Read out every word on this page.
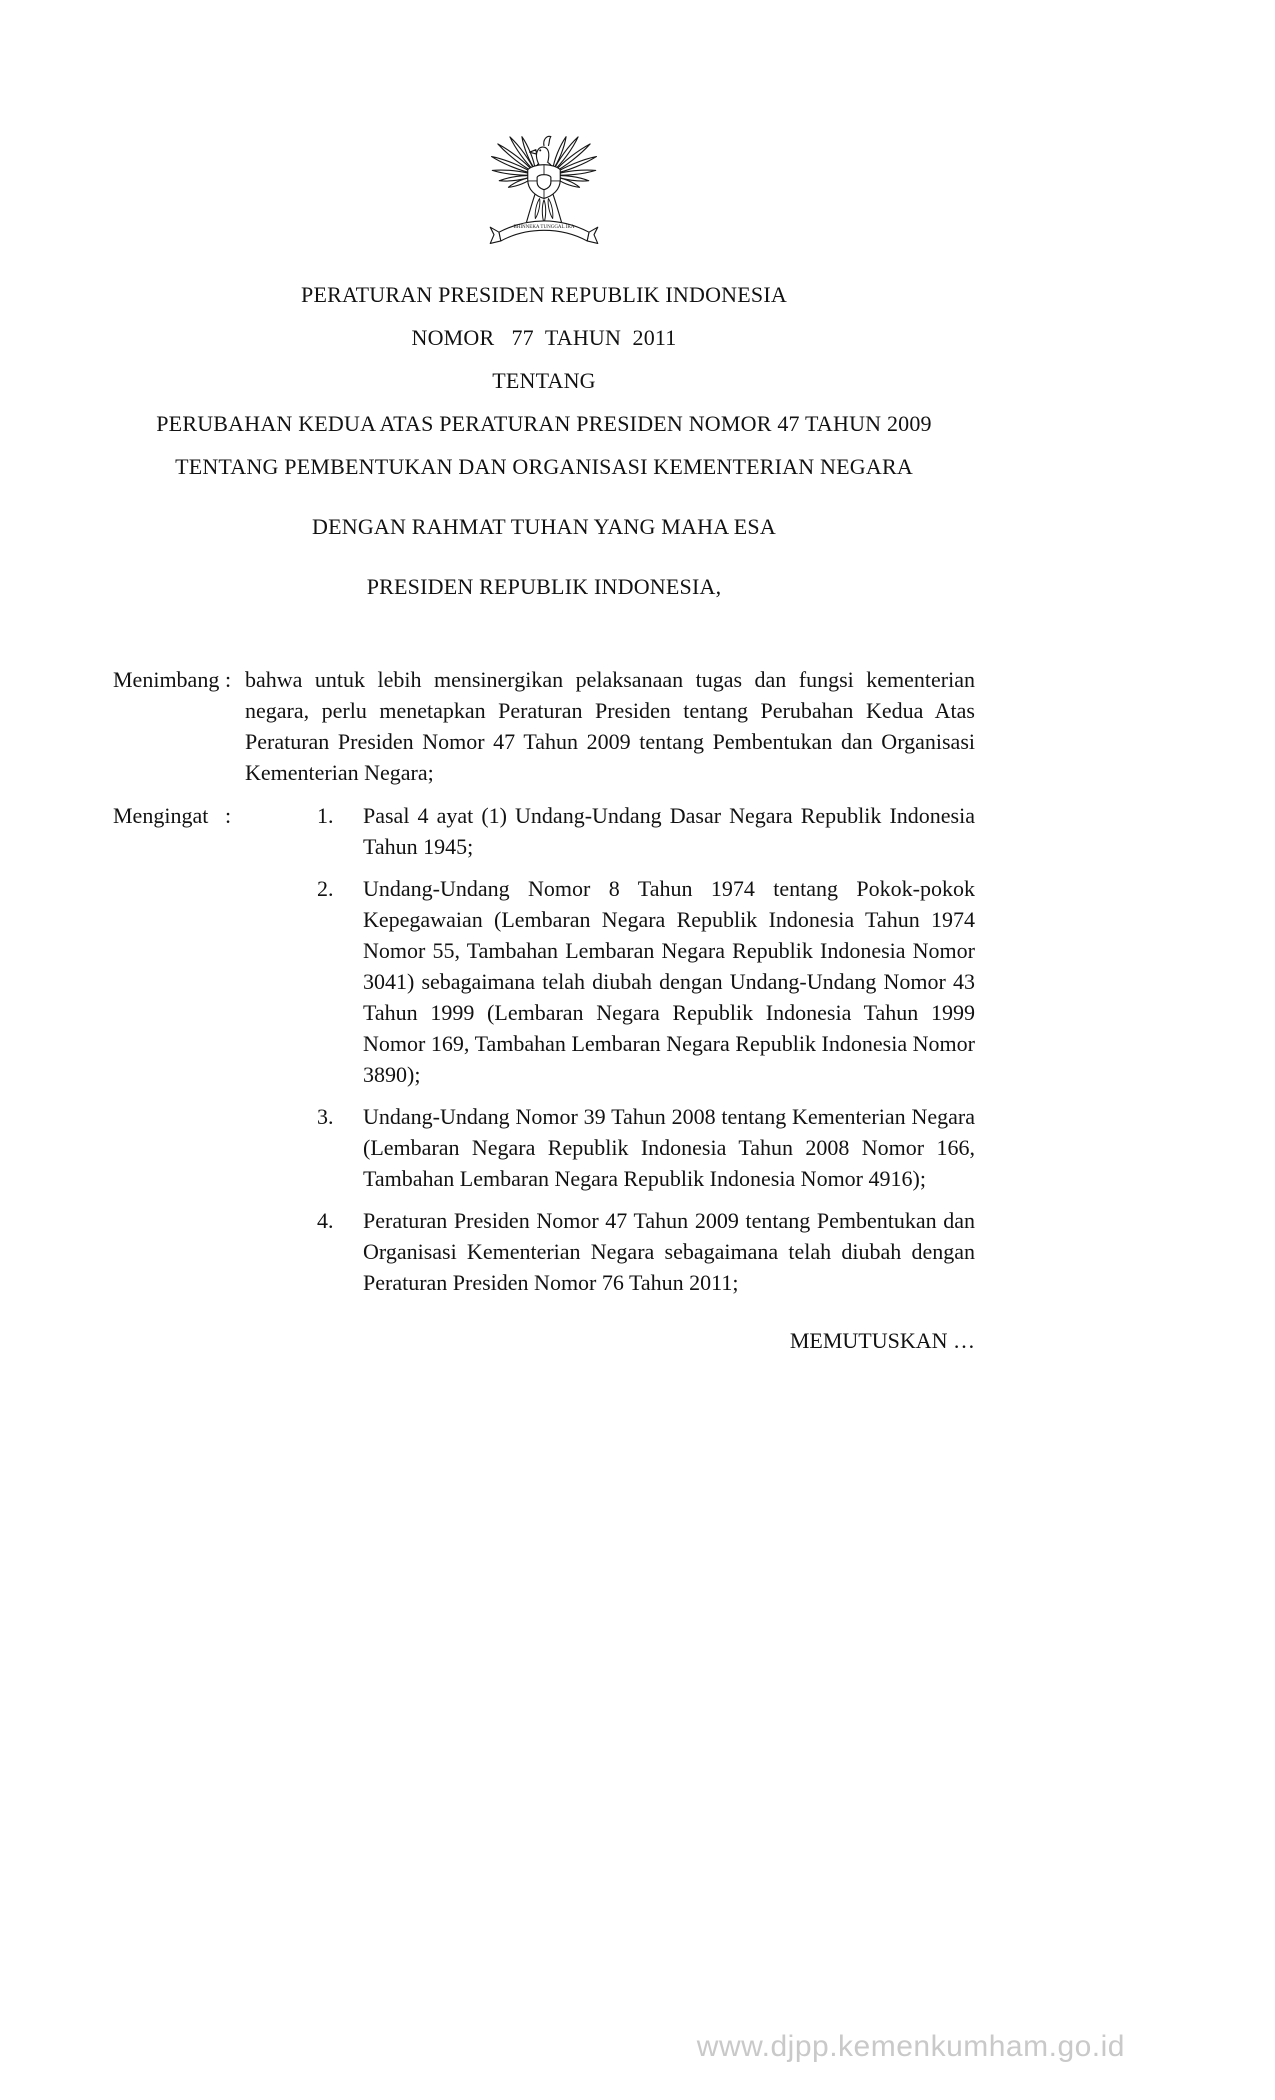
BHINNEKA TUNGGAL IKA
PERATURAN PRESIDEN REPUBLIK INDONESIA
NOMOR   77  TAHUN  2011
TENTANG
PERUBAHAN KEDUA ATAS PERATURAN PRESIDEN NOMOR 47 TAHUN 2009
TENTANG PEMBENTUKAN DAN ORGANISASI KEMENTERIAN NEGARA
DENGAN RAHMAT TUHAN YANG MAHA ESA
PRESIDEN REPUBLIK INDONESIA,
Menimbang : bahwa untuk lebih mensinergikan pelaksanaan tugas dan fungsi kementerian negara, perlu menetapkan Peraturan Presiden tentang Perubahan Kedua Atas Peraturan Presiden Nomor 47 Tahun 2009 tentang Pembentukan dan Organisasi Kementerian Negara;

Mengingat :	1.	Pasal 4 ayat (1) Undang-Undang Dasar Negara Republik Indonesia Tahun 1945;

2.	Undang-Undang Nomor 8 Tahun 1974 tentang Pokok-pokok Kepegawaian (Lembaran Negara Republik Indonesia Tahun 1974 Nomor 55, Tambahan Lembaran Negara Republik Indonesia Nomor 3041) sebagaimana telah diubah dengan Undang-Undang Nomor 43 Tahun 1999 (Lembaran Negara Republik Indonesia Tahun 1999 Nomor 169, Tambahan Lembaran Negara Republik Indonesia Nomor 3890);

3.	Undang-Undang Nomor 39 Tahun 2008 tentang Kementerian Negara (Lembaran Negara Republik Indonesia Tahun 2008 Nomor 166, Tambahan Lembaran Negara Republik Indonesia Nomor 4916);

4.	Peraturan Presiden Nomor 47 Tahun 2009 tentang Pembentukan dan Organisasi Kementerian Negara sebagaimana telah diubah dengan Peraturan Presiden Nomor 76 Tahun 2011;

MEMUTUSKAN …
www.djpp.kemenkumham.go.id
